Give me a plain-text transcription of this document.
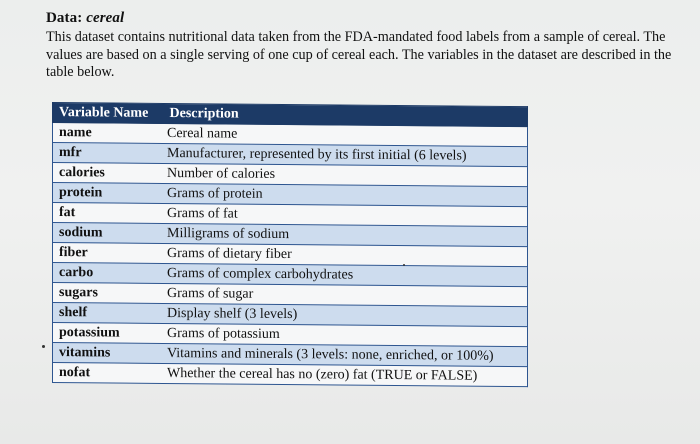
Data: cereal
This dataset contains nutritional data taken from the FDA-mandated food labels from a sample of cereal. The values are based on a single serving of one cup of cereal each. The variables in the dataset are described in the table below.
Variable Name	Description
name	Cereal name
mfr	Manufacturer, represented by its first initial (6 levels)
calories	Number of calories
protein	Grams of protein
fat	Grams of fat
sodium	Milligrams of sodium
fiber	Grams of dietary fiber
carbo	Grams of complex carbohydrates
sugars	Grams of sugar
shelf	Display shelf (3 levels)
potassium	Grams of potassium
vitamins	Vitamins and minerals (3 levels: none, enriched, or 100%)
nofat	Whether the cereal has no (zero) fat (TRUE or FALSE)
